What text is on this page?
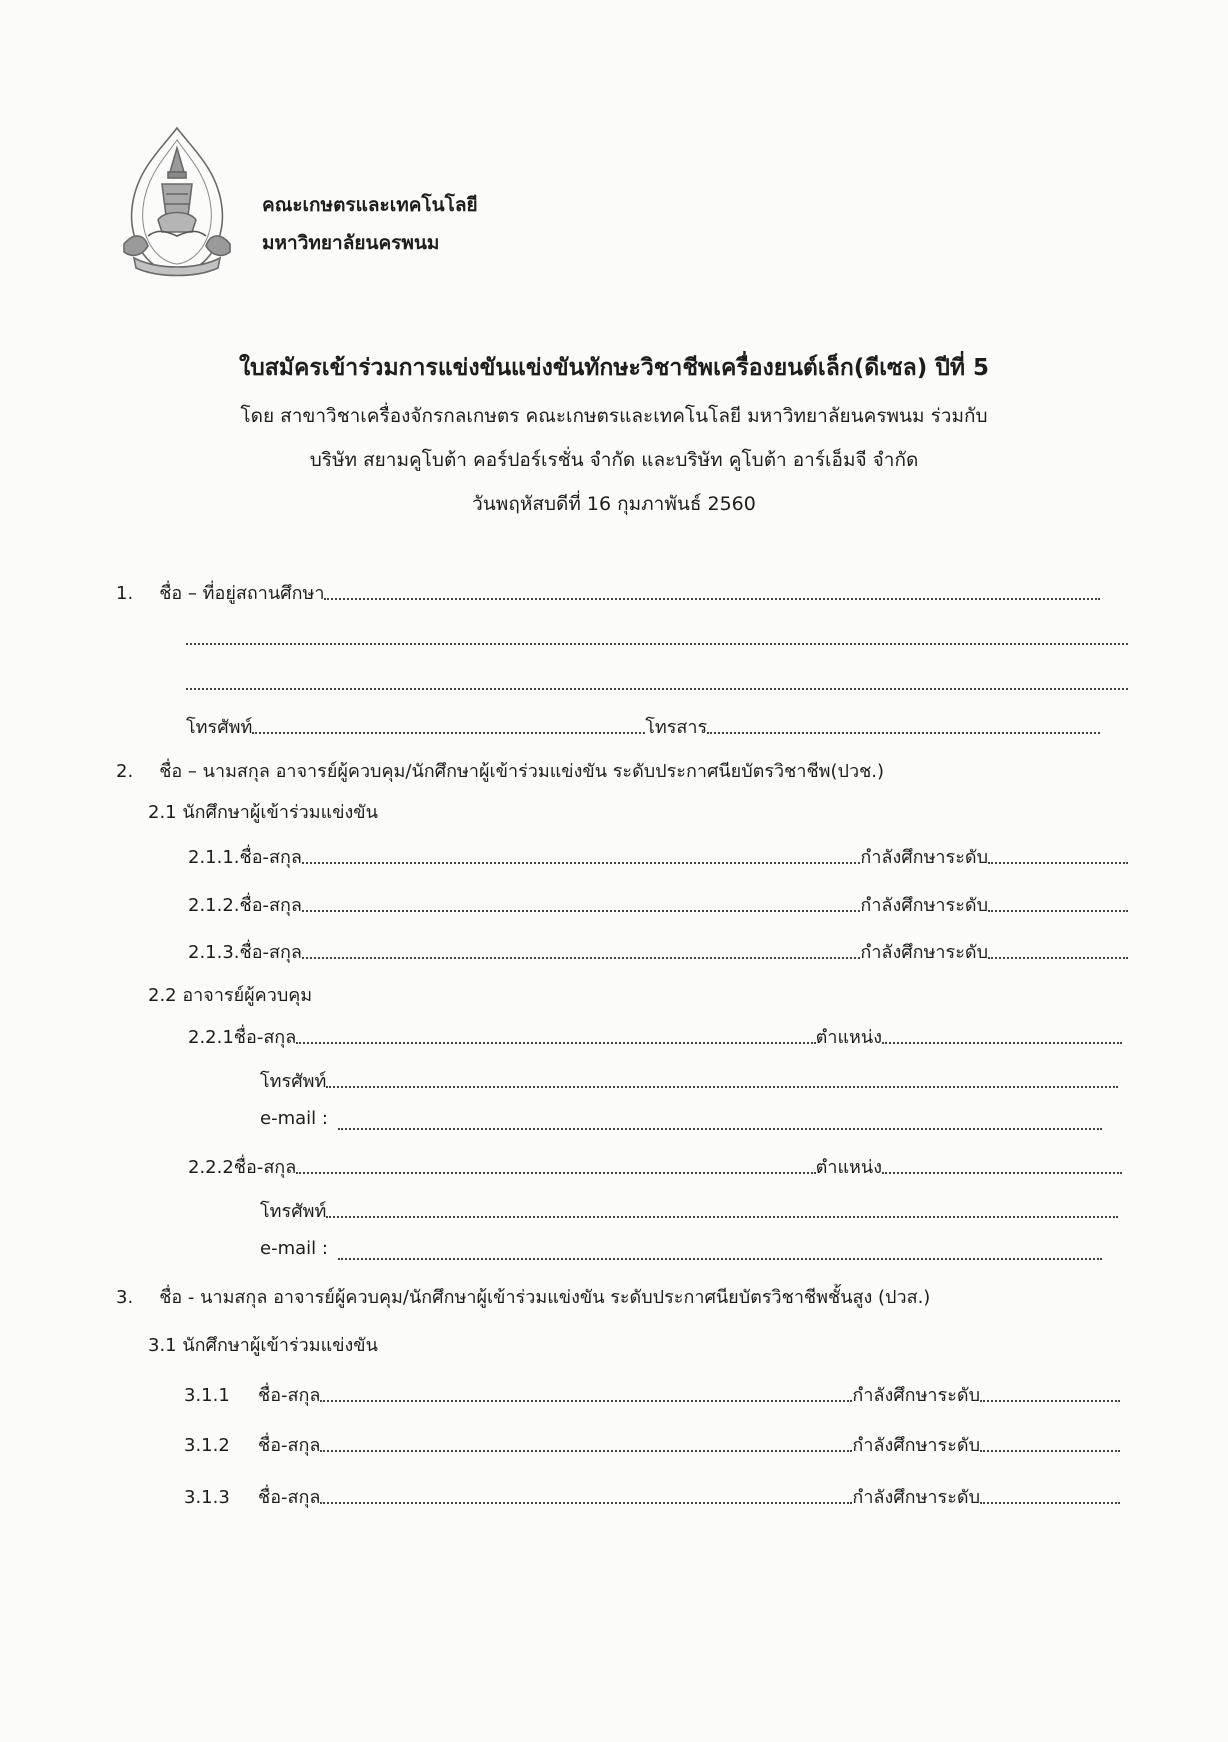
คณะเกษตรและเทคโนโลยี
มหาวิทยาลัยนครพนม
ใบสมัครเข้าร่วมการแข่งขันแข่งขันทักษะวิชาชีพเครื่องยนต์เล็ก(ดีเซล) ปีที่ 5
โดย สาขาวิชาเครื่องจักรกลเกษตร คณะเกษตรและเทคโนโลยี มหาวิทยาลัยนครพนม ร่วมกับ
บริษัท สยามคูโบต้า คอร์ปอร์เรชั่น จำกัด และบริษัท คูโบต้า อาร์เอ็มจี จำกัด
วันพฤหัสบดีที่ 16 กุมภาพันธ์ 2560
1. ชื่อ – ที่อยู่สถานศึกษา
โทรศัพท์	โทรสาร
2. ชื่อ – นามสกุล อาจารย์ผู้ควบคุม/นักศึกษาผู้เข้าร่วมแข่งขัน ระดับประกาศนียบัตรวิชาชีพ(ปวช.)
2.1 นักศึกษาผู้เข้าร่วมแข่งขัน
2.1.1.ชื่อ-สกุล	กำลังศึกษาระดับ
2.1.2.ชื่อ-สกุล	กำลังศึกษาระดับ
2.1.3.ชื่อ-สกุล	กำลังศึกษาระดับ
2.2 อาจารย์ผู้ควบคุม
2.2.1ชื่อ-สกุล	ตำแหน่ง
โทรศัพท์
e-mail :
2.2.2ชื่อ-สกุล	ตำแหน่ง
โทรศัพท์
e-mail :
3. ชื่อ - นามสกุล อาจารย์ผู้ควบคุม/นักศึกษาผู้เข้าร่วมแข่งขัน ระดับประกาศนียบัตรวิชาชีพชั้นสูง (ปวส.)
3.1 นักศึกษาผู้เข้าร่วมแข่งขัน
3.1.1	ชื่อ-สกุล	กำลังศึกษาระดับ
3.1.2	ชื่อ-สกุล	กำลังศึกษาระดับ
3.1.3	ชื่อ-สกุล	กำลังศึกษาระดับ
